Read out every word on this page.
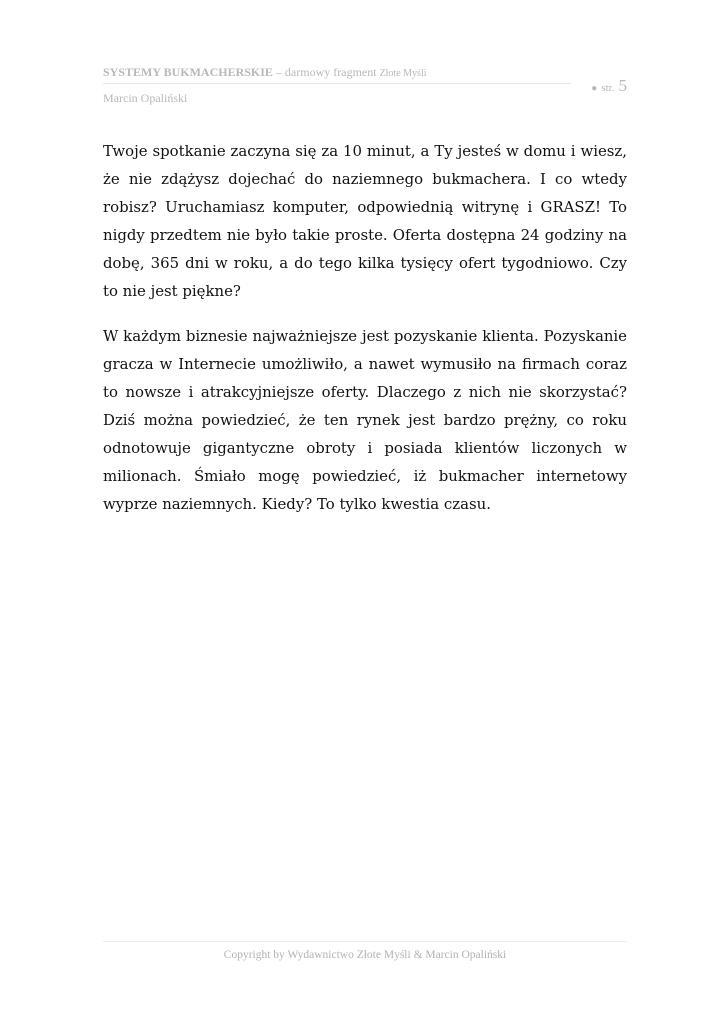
SYSTEMY BUKMACHERSKIE – darmowy fragment Złote Myśli
Marcin Opaliński
● str. 5

Twoje spotkanie zaczyna się za 10 minut, a Ty jesteś w domu i wiesz, że nie zdążysz dojechać do naziemnego bukmachera. I co wtedy robisz? Uruchamiasz komputer, odpowiednią witrynę i GRASZ! To nigdy przedtem nie było takie proste. Oferta dostępna 24 godziny na dobę, 365 dni w roku, a do tego kilka tysięcy ofert tygodniowo. Czy to nie jest piękne?

W każdym biznesie najważniejsze jest pozyskanie klienta. Pozyskanie gracza w Internecie umożliwiło, a nawet wymusiło na firmach coraz to nowsze i atrakcyjniejsze oferty. Dlaczego z nich nie skorzystać? Dziś można powiedzieć, że ten rynek jest bardzo prężny, co roku odnotowuje gigantyczne obroty i posiada klientów liczonych w milionach. Śmiało mogę powiedzieć, iż bukmacher internetowy wyprze naziemnych. Kiedy? To tylko kwestia czasu.

Copyright by Wydawnictwo Złote Myśli & Marcin Opaliński
